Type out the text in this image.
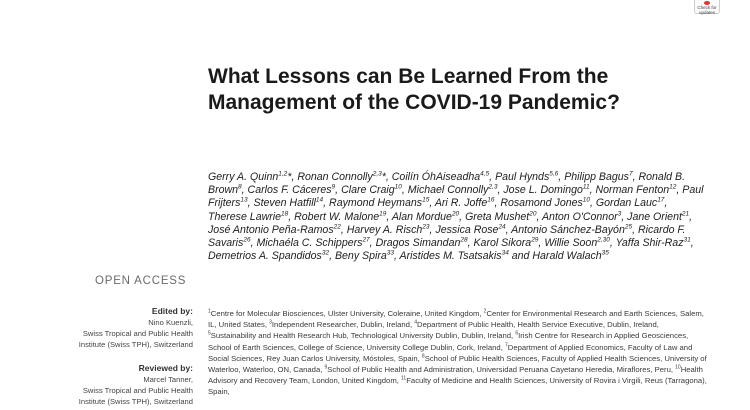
Check for updates
What Lessons can Be Learned From the Management of the COVID-19 Pandemic?
Gerry A. Quinn$^{1,2}$*, Ronan Connolly$^{2,3}$*, Coilín ÓhAiseadha$^{4,5}$, Paul Hynds$^{5,6}$, Philipp Bagus$^7$, Ronald B. Brown$^8$, Carlos F. Cáceres$^9$, Clare Craig$^{10}$, Michael Connolly$^{2,3}$, Jose L. Domingo$^{11}$, Norman Fenton$^{12}$, Paul Frijters$^{13}$, Steven Hatfill$^{14}$, Raymond Heymans$^{15}$, Ari R. Joffe$^{16}$, Rosamond Jones$^{10}$, Gordan Lauc$^{17}$, Therese Lawrie$^{18}$, Robert W. Malone$^{19}$, Alan Mordue$^{20}$, Greta Mushet$^{20}$, Anton O'Connor$^3$, Jane Orient$^{21}$, José Antonio Peña-Ramos$^{22}$, Harvey A. Risch$^{23}$, Jessica Rose$^{24}$, Antonio Sánchez-Bayón$^{25}$, Ricardo F. Savaris$^{26}$, Michaéla C. Schippers$^{27}$, Dragos Simandan$^{28}$, Karol Sikora$^{29}$, Willie Soon$^{2,30}$, Yaffa Shir-Raz$^{31}$, Demetrios A. Spandidos$^{32}$, Beny Spira$^{33}$, Aristides M. Tsatsakis$^{34}$ and Harald Walach$^{35}$
OPEN ACCESS
Edited by:
Nino Kuenzli,
Swiss Tropical and Public Health
Institute (Swiss TPH), Switzerland
Reviewed by:
Marcel Tanner,
Swiss Tropical and Public Health
Institute (Swiss TPH), Switzerland
$^1$Centre for Molecular Biosciences, Ulster University, Coleraine, United Kingdom, $^2$Center for Environmental Research and Earth Sciences, Salem, IL, United States, $^3$Independent Researcher, Dublin, Ireland, $^4$Department of Public Health, Health Service Executive, Dublin, Ireland, $^5$Sustainability and Health Research Hub, Technological University Dublin, Dublin, Ireland, $^6$Irish Centre for Research in Applied Geosciences, School of Earth Sciences, College of Science, University College Dublin, Cork, Ireland, $^7$Department of Applied Economics, Faculty of Law and Social Sciences, Rey Juan Carlos University, Móstoles, Spain, $^8$School of Public Health Sciences, Faculty of Applied Health Sciences, University of Waterloo, Waterloo, ON, Canada, $^9$School of Public Health and Administration, Universidad Peruana Cayetano Heredia, Miraflores, Peru, $^{10}$Health Advisory and Recovery Team, London, United Kingdom, $^{11}$Faculty of Medicine and Health Sciences, University of Rovira i Virgili, Reus (Tarragona), Spain,
